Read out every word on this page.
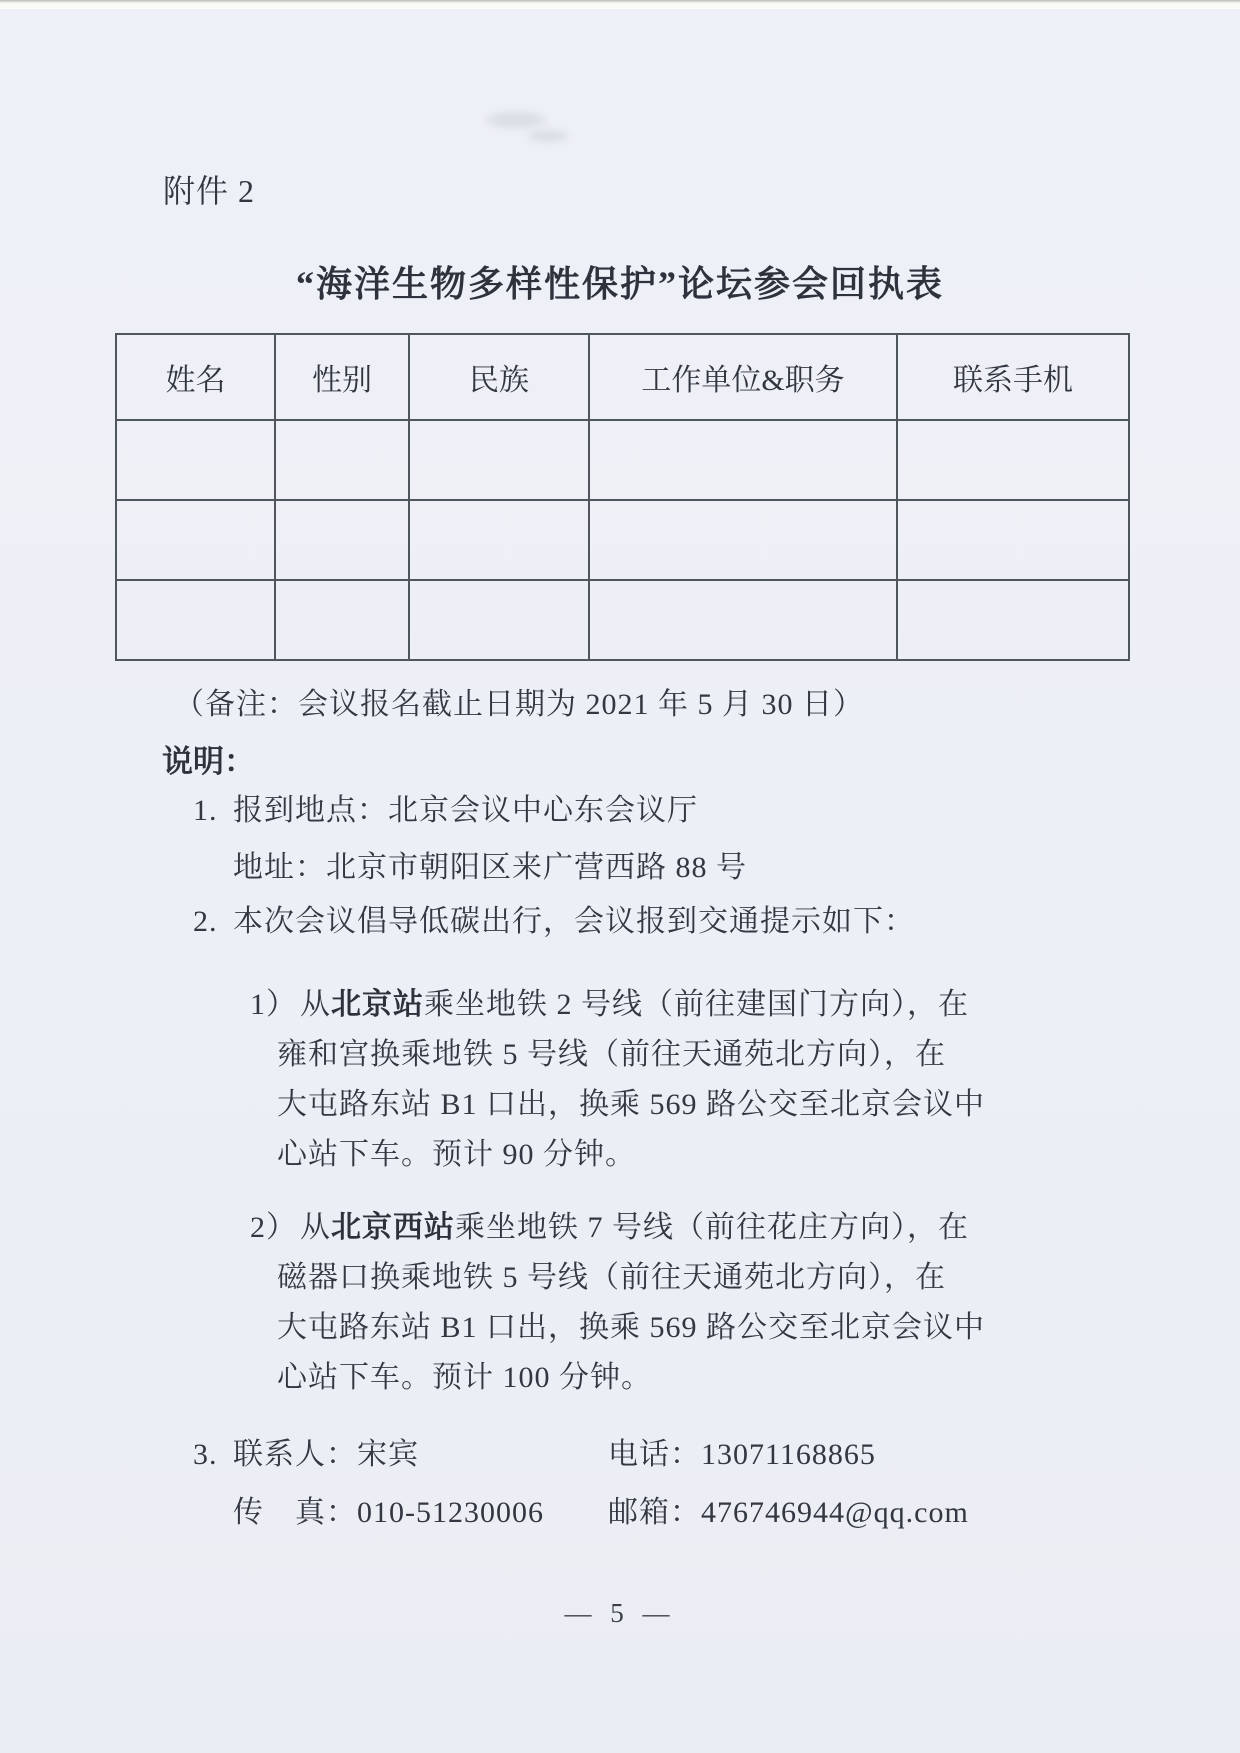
附件 2
“海洋生物多样性保护”论坛参会回执表
姓名	性别	民族	工作单位&职务	联系手机

（备注：会议报名截止日期为 2021 年 5 月 30 日）
说明：
1. 报到地点：北京会议中心东会议厅
地址：北京市朝阳区来广营西路 88 号
2. 本次会议倡导低碳出行，会议报到交通提示如下：
1） 从北京站乘坐地铁 2 号线（前往建国门方向），在
雍和宫换乘地铁 5 号线（前往天通苑北方向），在
大屯路东站 B1 口出，换乘 569 路公交至北京会议中
心站下车。预计 90 分钟。
2） 从北京西站乘坐地铁 7 号线（前往花庄方向），在
磁器口换乘地铁 5 号线（前往天通苑北方向），在
大屯路东站 B1 口出，换乘 569 路公交至北京会议中
心站下车。预计 100 分钟。
3. 联系人：宋宾	电话：13071168865
传　真：010-51230006 邮箱：476746944@qq.com
— 5 —
